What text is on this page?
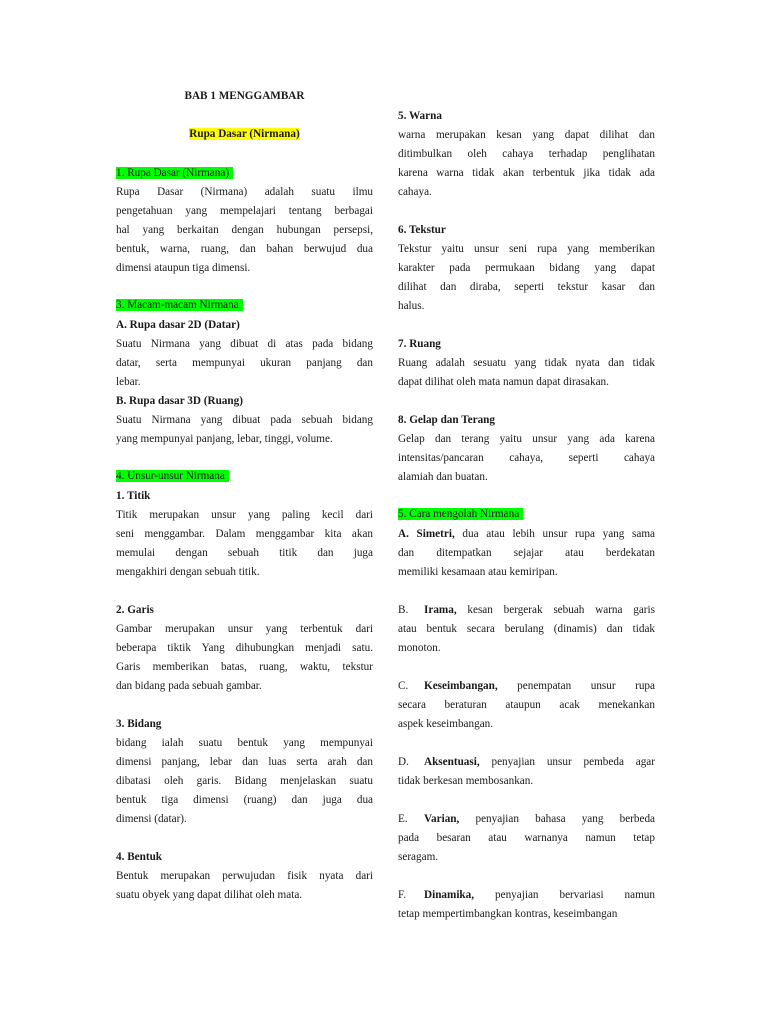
BAB 1 MENGGAMBAR
Rupa Dasar (Nirmana)
1. Rupa Dasar (Nirmana)
Rupa Dasar (Nirmana) adalah suatu ilmu
pengetahuan yang mempelajari tentang berbagai
hal yang berkaitan dengan hubungan persepsi,
bentuk, warna, ruang, dan bahan berwujud dua
dimensi ataupun tiga dimensi.
3. Macam-macam Nirmana
A. Rupa dasar 2D (Datar)
Suatu Nirmana yang dibuat di atas pada bidang
datar, serta mempunyai ukuran panjang dan
lebar.
B. Rupa dasar 3D (Ruang)
Suatu Nirmana yang dibuat pada sebuah bidang
yang mempunyai panjang, lebar, tinggi, volume.
4. Unsur-unsur Nirmana
1. Titik
Titik merupakan unsur yang paling kecil dari
seni menggambar. Dalam menggambar kita akan
memulai dengan sebuah titik dan juga
mengakhiri dengan sebuah titik.
2. Garis
Gambar merupakan unsur yang terbentuk dari
beberapa tiktik Yang dihubungkan menjadi satu.
Garis memberikan batas, ruang, waktu, tekstur
dan bidang pada sebuah gambar.
3. Bidang
bidang ialah suatu bentuk yang mempunyai
dimensi panjang, lebar dan luas serta arah dan
dibatasi oleh garis. Bidang menjelaskan suatu
bentuk tiga dimensi (ruang) dan juga dua
dimensi (datar).
4. Bentuk
Bentuk merupakan perwujudan fisik nyata dari
suatu obyek yang dapat dilihat oleh mata.
5. Warna
warna merupakan kesan yang dapat dilihat dan
ditimbulkan oleh cahaya terhadap penglihatan
karena warna tidak akan terbentuk jika tidak ada
cahaya.
6. Tekstur
Tekstur yaitu unsur seni rupa yang memberikan
karakter pada permukaan bidang yang dapat
dilihat dan diraba, seperti tekstur kasar dan
halus.
7. Ruang
Ruang adalah sesuatu yang tidak nyata dan tidak
dapat dilihat oleh mata namun dapat dirasakan.
8. Gelap dan Terang
Gelap dan terang yaitu unsur yang ada karena
intensitas/pancaran cahaya, seperti cahaya
alamiah dan buatan.
5. Cara mengolah Nirmana
A. Simetri, dua atau lebih unsur rupa yang sama
dan ditempatkan sejajar atau berdekatan
memiliki kesamaan atau kemiripan.
B. Irama, kesan bergerak sebuah warna garis
atau bentuk secara berulang (dinamis) dan tidak
monoton.
C. Keseimbangan, penempatan unsur rupa
secara beraturan ataupun acak menekankan
aspek keseimbangan.
D. Aksentuasi, penyajian unsur pembeda agar
tidak berkesan membosankan.
E. Varian, penyajian bahasa yang berbeda
pada besaran atau warnanya namun tetap
seragam.
F. Dinamika, penyajian bervariasi namun
tetap mempertimbangkan kontras, keseimbangan
